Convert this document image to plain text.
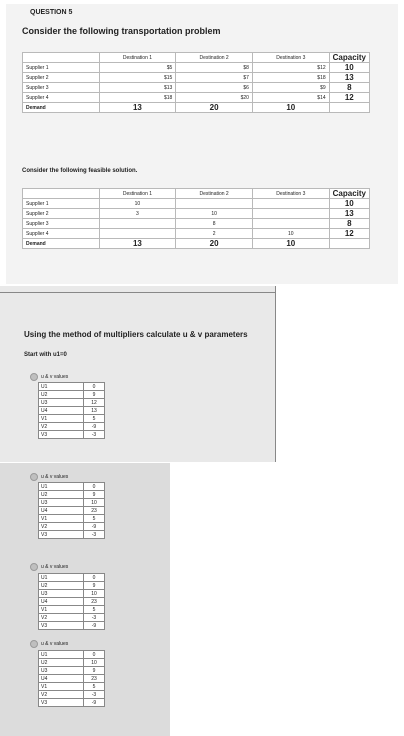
QUESTION 5
Consider the following transportation problem
	Destination 1	Destination 2	Destination 3	Capacity
Supplier 1	$5	$8	$12	10
Supplier 2	$15	$7	$18	13
Supplier 3	$13	$6	$9	8
Supplier 4	$18	$20	$14	12
Demand	13	20	10	
Consider the following feasible solution.
	Destination 1	Destination 2	Destination 3	Capacity
Supplier 1	10			10
Supplier 2	3	10		13
Supplier 3		8		8
Supplier 4		2	10	12
Demand	13	20	10	
Using the method of multipliers calculate u & v parameters
Start with u1=0
u & v values
U1	0
U2	9
U3	12
U4	13
V1	5
V2	-9
V3	-3
u & v values
U1	0
U2	9
U3	10
U4	23
V1	5
V2	-9
V3	-3
u & v values
U1	0
U2	9
U3	10
U4	23
V1	5
V2	-3
V3	-9
u & v values
U1	0
U2	10
U3	9
U4	23
V1	5
V2	-3
V3	-9
